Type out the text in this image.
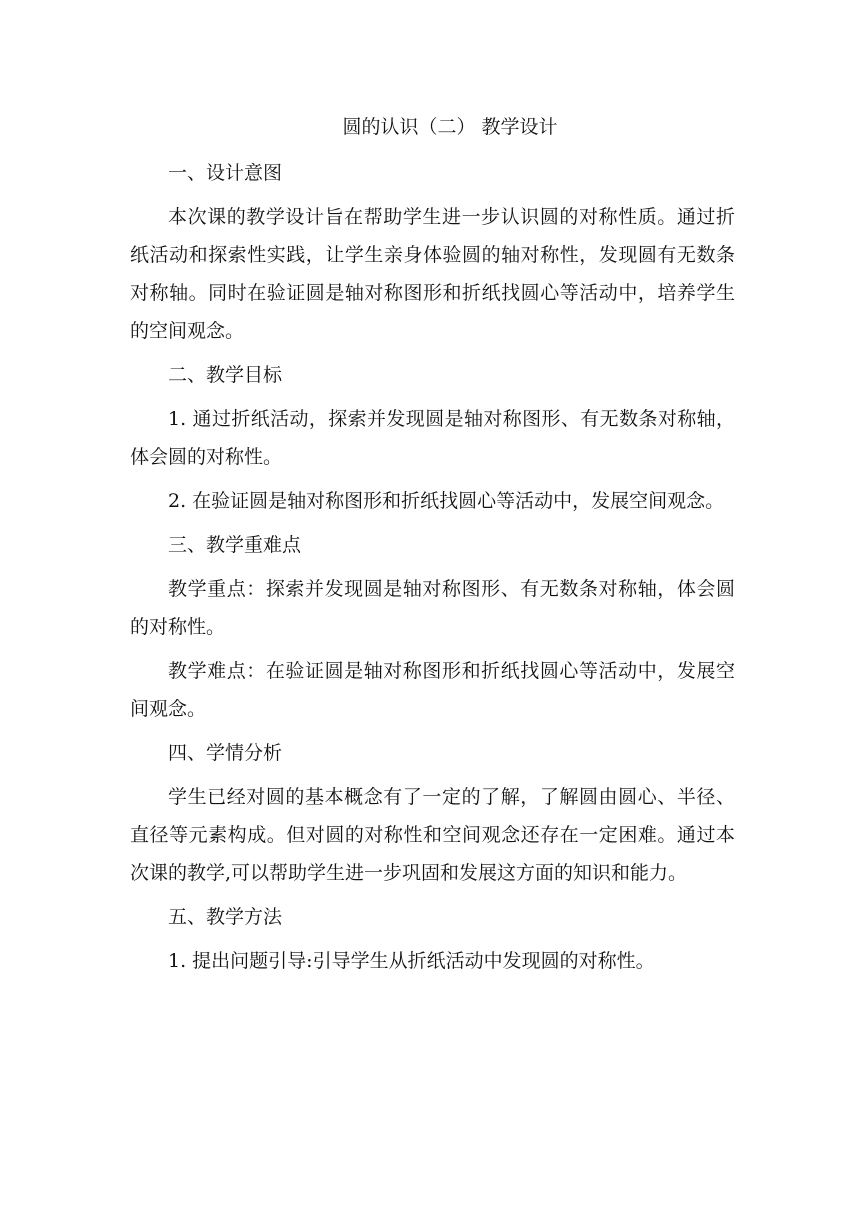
圆的认识（二） 教学设计

一、设计意图

本次课的教学设计旨在帮助学生进一步认识圆的对称性质。通过折纸活动和探索性实践，让学生亲身体验圆的轴对称性，发现圆有无数条对称轴。同时在验证圆是轴对称图形和折纸找圆心等活动中，培养学生的空间观念。

二、教学目标

1. 通过折纸活动，探索并发现圆是轴对称图形、有无数条对称轴，体会圆的对称性。

2. 在验证圆是轴对称图形和折纸找圆心等活动中，发展空间观念。

三、教学重难点

教学重点：探索并发现圆是轴对称图形、有无数条对称轴，体会圆的对称性。

教学难点：在验证圆是轴对称图形和折纸找圆心等活动中，发展空间观念。

四、学情分析

学生已经对圆的基本概念有了一定的了解，了解圆由圆心、半径、直径等元素构成。但对圆的对称性和空间观念还存在一定困难。通过本次课的教学,可以帮助学生进一步巩固和发展这方面的知识和能力。

五、教学方法

1. 提出问题引导:引导学生从折纸活动中发现圆的对称性。
